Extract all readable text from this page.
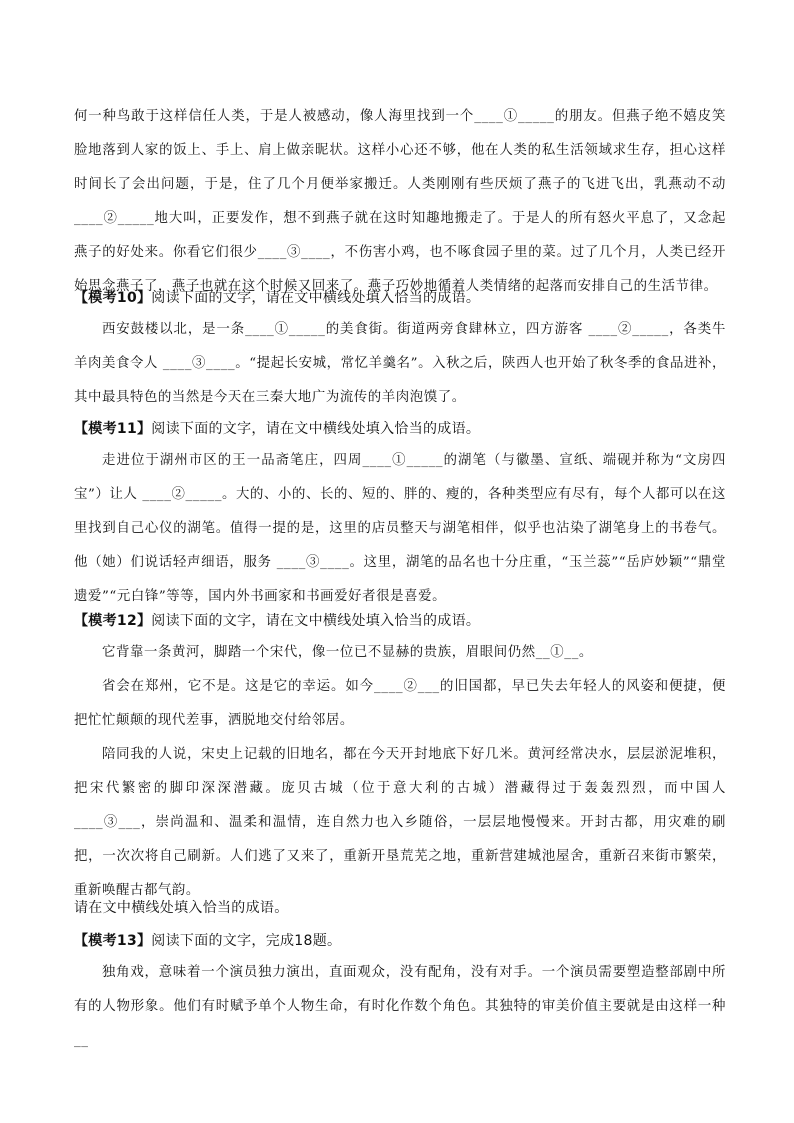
何一种鸟敢于这样信任人类，于是人被感动，像人海里找到一个____①_____的朋友。但燕子绝不嬉皮笑脸地落到人家的饭上、手上、肩上做亲昵状。这样小心还不够，他在人类的私生活领域求生存，担心这样时间长了会出问题，于是，住了几个月便举家搬迁。人类刚刚有些厌烦了燕子的飞进飞出，乳燕动不动 ____②_____地大叫，正要发作，想不到燕子就在这时知趣地搬走了。于是人的所有怒火平息了，又念起燕子的好处来。你看它们很少____③____，不伤害小鸡，也不啄食园子里的菜。过了几个月，人类已经开始思念燕子了，燕子也就在这个时候又回来了。燕子巧妙地循着人类情绪的起落而安排自己的生活节律。

【模考10】阅读下面的文字，请在文中横线处填入恰当的成语。

西安鼓楼以北，是一条____①_____的美食街。街道两旁食肆林立，四方游客 ____②_____，各类牛羊肉美食令人 ____③____。“提起长安城，常忆羊羹名”。入秋之后，陕西人也开始了秋冬季的食品进补，其中最具特色的当然是今天在三秦大地广为流传的羊肉泡馍了。

【模考11】阅读下面的文字，请在文中横线处填入恰当的成语。

走进位于湖州市区的王一品斋笔庄，四周____①_____的湖笔（与徽墨、宣纸、端砚并称为“文房四宝”）让人 ____②_____。大的、小的、长的、短的、胖的、瘦的，各种类型应有尽有，每个人都可以在这里找到自己心仪的湖笔。值得一提的是，这里的店员整天与湖笔相伴，似乎也沾染了湖笔身上的书卷气。他（她）们说话轻声细语，服务 ____③____。这里，湖笔的品名也十分庄重，“玉兰蕊”“岳庐妙颖”“鼎堂遗爱”“元白锋”等等，国内外书画家和书画爱好者很是喜爱。

【模考12】阅读下面的文字，请在文中横线处填入恰当的成语。

它背靠一条黄河，脚踏一个宋代，像一位已不显赫的贵族，眉眼间仍然__①__。

省会在郑州，它不是。这是它的幸运。如今____②___的旧国都，早已失去年轻人的风姿和便捷，便把忙忙颠颠的现代差事，洒脱地交付给邻居。

陪同我的人说，宋史上记载的旧地名，都在今天开封地底下好几米。黄河经常决水，层层淤泥堆积，把宋代繁密的脚印深深潜藏。庞贝古城（位于意大利的古城）潜藏得过于轰轰烈烈，而中国人____③___，崇尚温和、温柔和温情，连自然力也入乡随俗，一层层地慢慢来。开封古都，用灾难的刷把，一次次将自己刷新。人们逃了又来了，重新开垦荒芜之地，重新营建城池屋舍，重新召来街市繁荣，重新唤醒古都气韵。

请在文中横线处填入恰当的成语。

【模考13】阅读下面的文字，完成18题。

独角戏，意味着一个演员独力演出，直面观众，没有配角，没有对手。一个演员需要塑造整部剧中所有的人物形象。他们有时赋予单个人物生命，有时化作数个角色。其独特的审美价值主要就是由这样一种__
